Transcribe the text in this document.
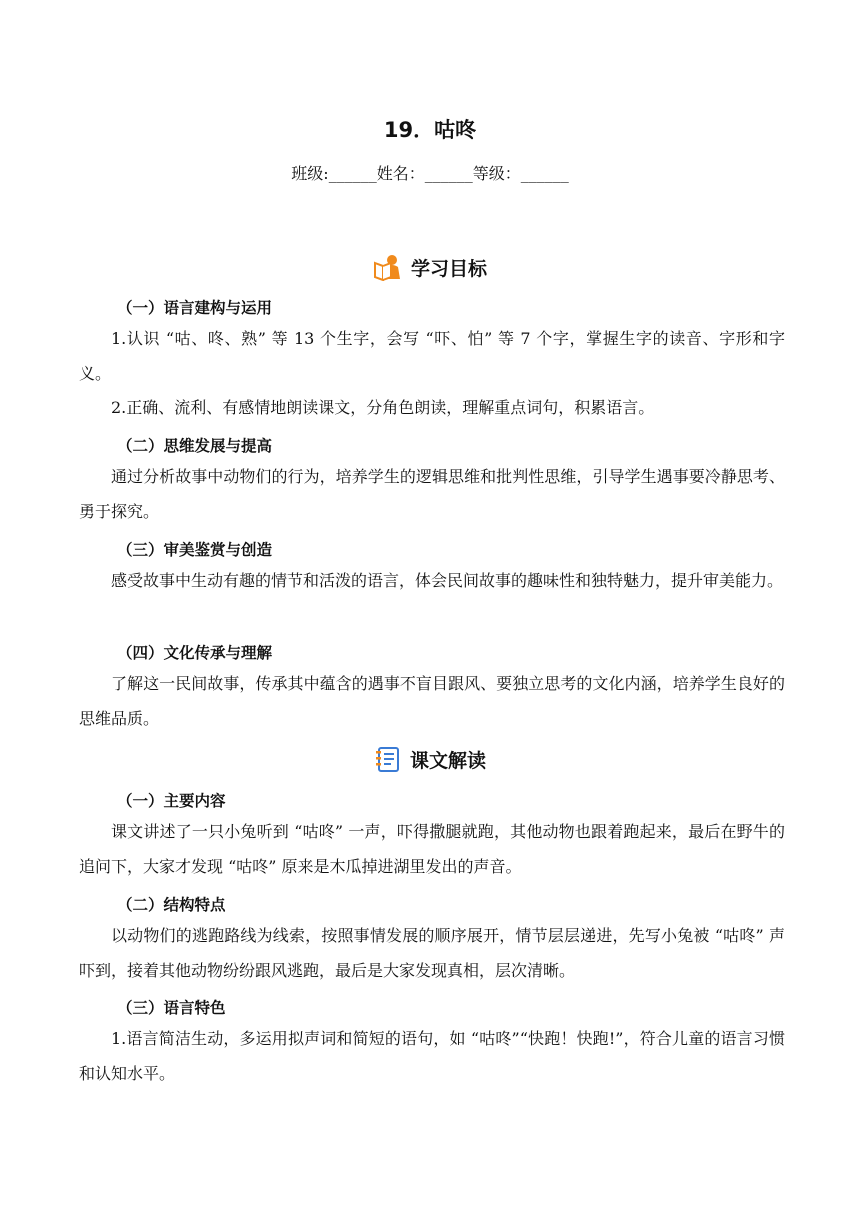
19．咕咚
班级:______姓名：______等级：______
学习目标
（一）语言建构与运用

1.认识 “咕、咚、熟” 等 13 个生字，会写 “吓、怕” 等 7 个字，掌握生字的读音、字形和字义。

2.正确、流利、有感情地朗读课文，分角色朗读，理解重点词句，积累语言。

（二）思维发展与提高

通过分析故事中动物们的行为，培养学生的逻辑思维和批判性思维，引导学生遇事要冷静思考、勇于探究。

（三）审美鉴赏与创造

感受故事中生动有趣的情节和活泼的语言，体会民间故事的趣味性和独特魅力，提升审美能力。

（四）文化传承与理解

了解这一民间故事，传承其中蕴含的遇事不盲目跟风、要独立思考的文化内涵，培养学生良好的思维品质。

课文解读
（一）主要内容

课文讲述了一只小兔听到 “咕咚” 一声，吓得撒腿就跑，其他动物也跟着跑起来，最后在野牛的追问下，大家才发现 “咕咚” 原来是木瓜掉进湖里发出的声音。

（二）结构特点

以动物们的逃跑路线为线索，按照事情发展的顺序展开，情节层层递进，先写小兔被 “咕咚” 声吓到，接着其他动物纷纷跟风逃跑，最后是大家发现真相，层次清晰。

（三）语言特色

1.语言简洁生动，多运用拟声词和简短的语句，如 “咕咚”“快跑！快跑!”，符合儿童的语言习惯和认知水平。
